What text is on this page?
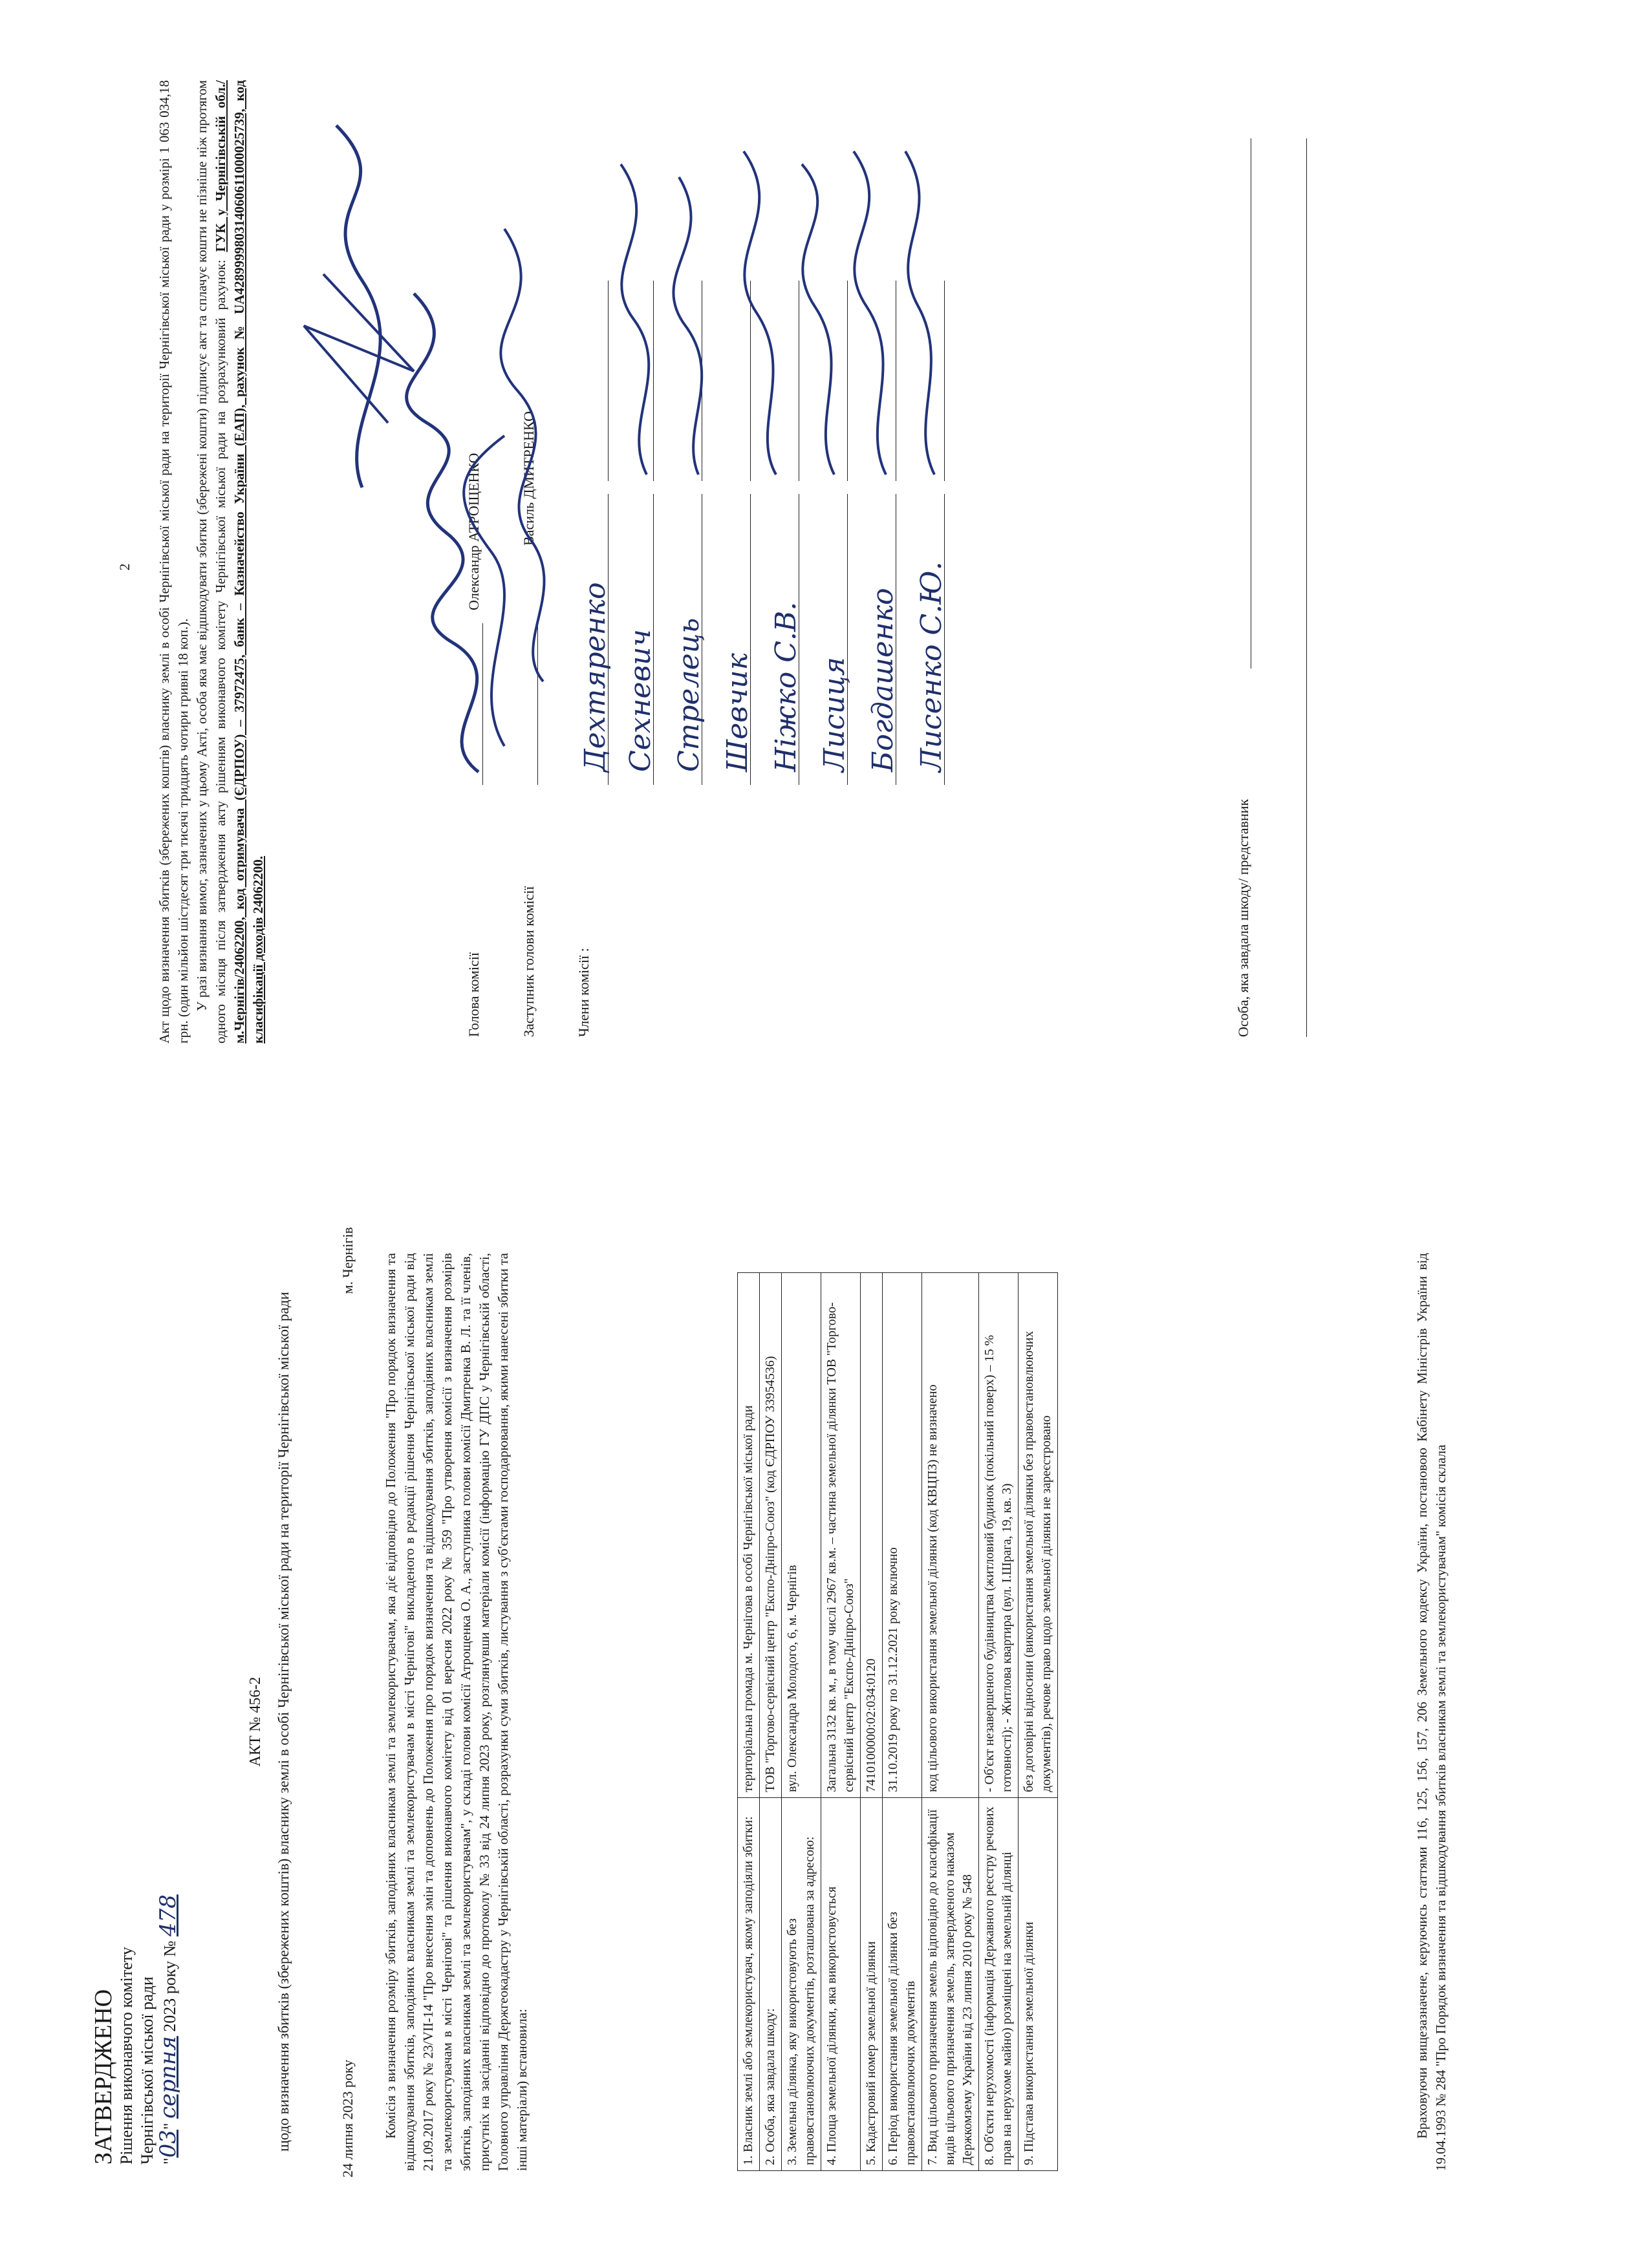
ЗАТВЕРДЖЕНО Рішення виконавчого комітету Чернігівської міської ради "03" серпня 2023 року № 478
АКТ № 456-2 щодо визначення збитків (збережених коштів) власнику землі в особі Чернігівської міської ради на території Чернігівської міської ради	24 липня 2023 року
м. Чернігів Комісія з визначення розміру збитків, заподіяних власникам землі та землекористувачам, яка діє відповідно до Положення "Про порядок визначення та відшкодування збитків, заподіяних власникам землі та землекористувачам в місті Чернігові" викладеного в редакції рішення Чернігівської міської ради від 21.09.2017 року № 23/VII-14 "Про внесення змін та доповнень до Положення про порядок визначення та відшкодування збитків, заподіяних власникам землі та землекористувачам в місті Чернігові" та рішення виконавчого комітету від 01 вересня 2022 року № 359 "Про утворення комісії з визначення розмірів збитків, заподіяних власникам землі та землекористувачам", у складі голови комісії Атрощенка О. А., заступника голови комісії Дмитренка В. Л. та її членів, присутніх на засіданні відповідно до протоколу № 33 від 24 липня 2023 року, розглянувши матеріали комісії (інформацію ГУ ДПС у Чернігівській області, Головного управління Держгеокадастру у Чернігівській області, розрахунки суми збитків, листування з суб'єктами господарювання, якими нанесені збитки та інші матеріали) встановила:	1. Власник землі або землекористувач, якому заподіяли збитки:	територіальна громада м. Чернігова в особі Чернігівської міської ради
2. Особа, яка завдала шкоду:	ТОВ "Торгово-сервісний центр "Експо-Дніпро-Союз" (код ЄДРПОУ 33954536)
3. Земельна ділянка, яку використовують без правовстановлюючих документів, розташована за адресою:	вул. Олександра Молодого, 6, м. Чернігів
4. Площа земельної ділянки, яка використовується	Загальна 3132 кв. м., в тому числі 2967 кв.м. – частина земельної ділянки ТОВ "Торгово-сервісний центр "Експо-Дніпро-Союз"
5. Кадастровий номер земельної ділянки	7410100000:02:034:0120
6. Період використання земельної ділянки без правовстановлюючих документів	31.10.2019 року по 31.12.2021 року включно
7. Вид цільового призначення земель відповідно до класифікації видів цільового призначення земель, затвердженого наказом Держкомзему України від 23 липня 2010 року № 548	код цільового використання земельної ділянки (код КВЦПЗ) не визначено
8. Об'єкти нерухомості (інформація Державного реєстру речових прав на нерухоме майно) розміщені на земельній ділянці	- Об'єкт незавершеного будівництва (житловий будинок (покільний поверх) – 15 % готовності); - Житлова квартира (вул. І.Шрага, 19, кв. 3)
9. Підстава використання земельної ділянки	без договірні відносини (використання земельної ділянки без правовстановлюючих документів), речове право щодо земельної ділянки не зареєстровано	Враховуючи вищезазначене, керуючись статтями 116, 125, 156, 157, 206 Земельного кодексу України, постановою Кабінету Міністрів України від 19.04.1993 № 284 "Про Порядок визначення та відшкодування збитків власникам землі та землекористувачам" комісія склала

2 Акт щодо визначення збитків (збережених коштів) власнику землі в особі Чернігівської міської ради на території Чернігівської міської ради у розмірі 1 063 034,18 грн. (один мільйон шістдесят три тисячі тридцять чотири гривні 18 коп.). У разі визнання вимог, зазначених у цьому Акті, особа яка має відшкодувати збитки (збережені кошти) підписує акт та сплачує кошти не пізніше ніж протягом одного місяця після затвердження акту рішенням виконавчого комітету Чернігівської міської ради на розрахунковий рахунок: ГУК у Чернігівській обл./м.Чернігів/24062200, код отримувача (ЄДРПОУ) – 37972475, банк – Казначейство України (ЕАП), рахунок № UA428999980314060611000025739, код класифікації доходів 24062200.	Голова комісії
Олександр АТРОЩЕНКО
Заступник голови комісії
Василь ДМИТРЕНКО
Члени комісії :
Дехтяренко Сехневич Стрелець Шевчик Ніжко С.В. Лисиця Богдашенко Лисенко С.Ю.
Особа, яка завдала шкоду/ представник
